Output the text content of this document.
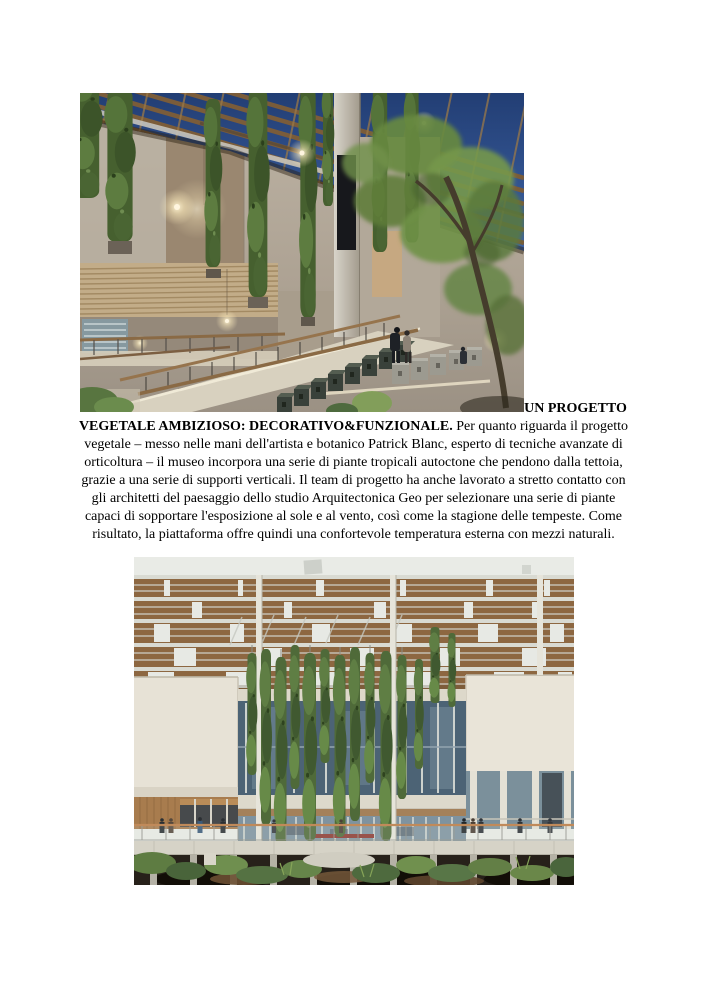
UN PROGETTO VEGETALE AMBIZIOSO: DECORATIVO&FUNZIONALE. Per quanto riguarda il progetto vegetale – messo nelle mani dell'artista e botanico Patrick Blanc, esperto di tecniche avanzate di orticoltura – il museo incorpora una serie di piante tropicali autoctone che pendono dalla tettoia, grazie a una serie di supporti verticali. Il team di progetto ha anche lavorato a stretto contatto con gli architetti del paesaggio dello studio Arquitectonica Geo per selezionare una serie di piante capaci di sopportare l'esposizione al sole e al vento, così come la stagione delle tempeste. Come risultato, la piattaforma offre quindi una confortevole temperatura esterna con mezzi naturali.
